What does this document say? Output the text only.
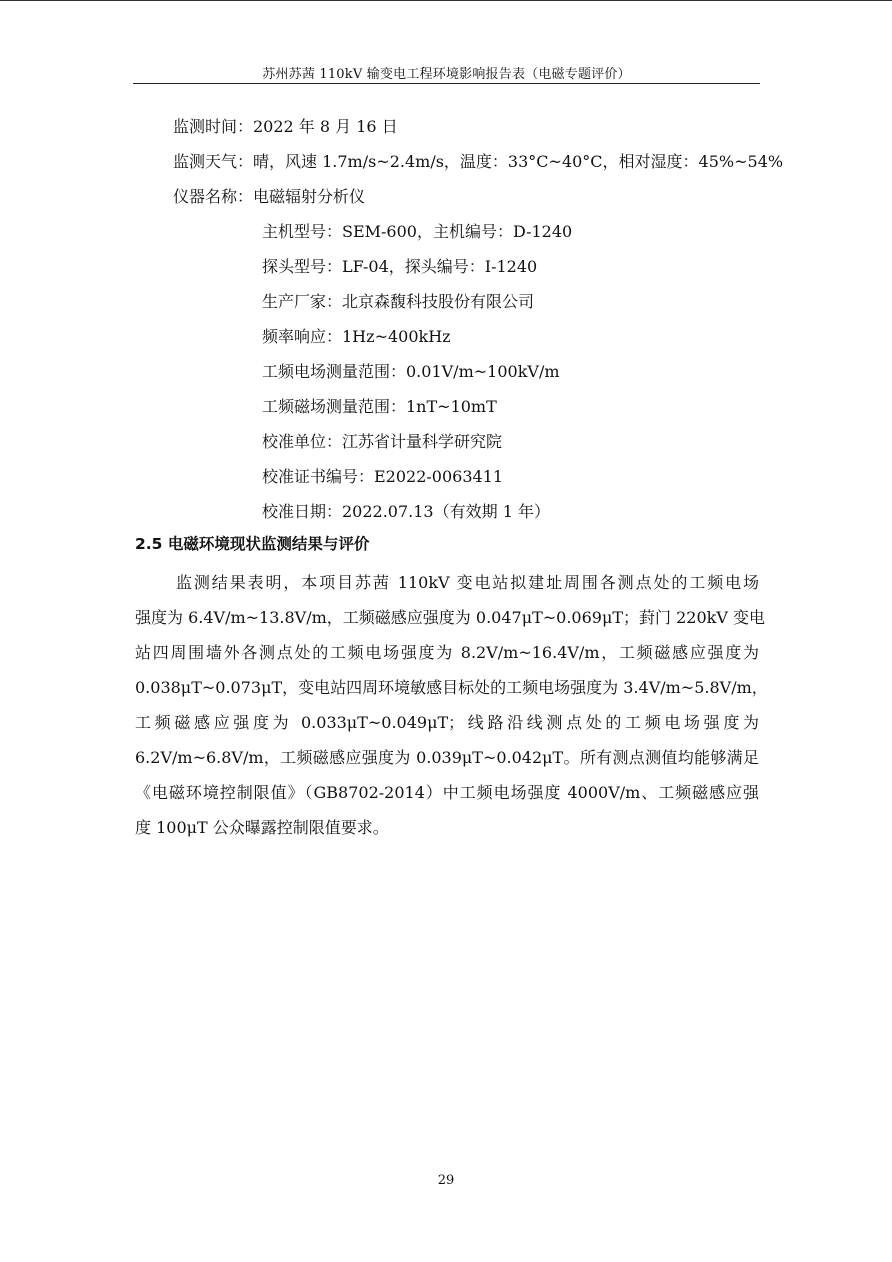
苏州苏茜 110kV 输变电工程环境影响报告表（电磁专题评价）
监测时间：2022 年 8 月 16 日
监测天气：晴，风速 1.7m/s~2.4m/s，温度：33°C~40°C，相对湿度：45%~54%
仪器名称：电磁辐射分析仪
主机型号：SEM-600，主机编号：D-1240
探头型号：LF-04，探头编号：I-1240
生产厂家：北京森馥科技股份有限公司
频率响应：1Hz~400kHz
工频电场测量范围：0.01V/m~100kV/m
工频磁场测量范围：1nT~10mT
校准单位：江苏省计量科学研究院
校准证书编号：E2022-0063411
校准日期：2022.07.13（有效期 1 年）
2.5 电磁环境现状监测结果与评价
监测结果表明，本项目苏茜 110kV 变电站拟建址周围各测点处的工频电场
强度为 6.4V/m~13.8V/m，工频磁感应强度为 0.047μT~0.069μT；葑门 220kV 变电
站四周围墙外各测点处的工频电场强度为 8.2V/m~16.4V/m，工频磁感应强度为
0.038μT~0.073μT，变电站四周环境敏感目标处的工频电场强度为 3.4V/m~5.8V/m，
工频磁感应强度为 0.033μT~0.049μT；线路沿线测点处的工频电场强度为
6.2V/m~6.8V/m，工频磁感应强度为 0.039μT~0.042μT。所有测点测值均能够满足
《电磁环境控制限值》（GB8702-2014）中工频电场强度 4000V/m、工频磁感应强
度 100μT 公众曝露控制限值要求。
29
